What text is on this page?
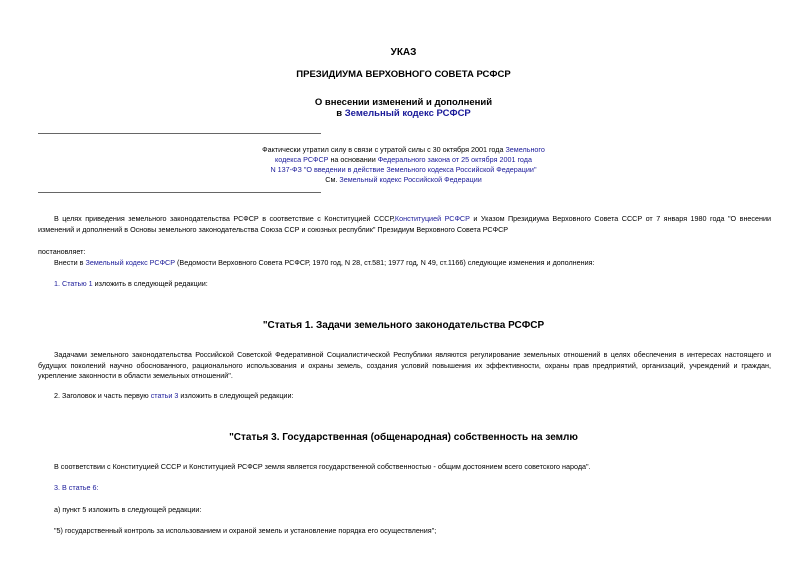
УКАЗ
ПРЕЗИДИУМА ВЕРХОВНОГО СОВЕТА РСФСР
О внесении изменений и дополнений
в Земельный кодекс РСФСР
Фактически утратил силу в связи с утратой силы с 30 октября 2001 года Земельного
кодекса РСФСР на основании Федерального закона от 25 октября 2001 года
N 137-ФЗ "О введении в действие Земельного кодекса Российской Федерации"
См. Земельный кодекс Российской Федерации
В целях приведения земельного законодательства РСФСР в соответствие с Конституцией СССР,Конституцией РСФСР и Указом Президиума Верховного Совета СССР от 7 января 1980 года "О внесении изменений и дополнений в Основы земельного законодательства Союза ССР и союзных республик" Президиум Верховного Совета РСФСР
постановляет:
Внести в Земельный кодекс РСФСР (Ведомости Верховного Совета РСФСР, 1970 год, N 28, ст.581; 1977 год, N 49, ст.1166) следующие изменения и дополнения:
1. Статью 1 изложить в следующей редакции:
"Статья 1. Задачи земельного законодательства РСФСР
Задачами земельного законодательства Российской Советской Федеративной Социалистической Республики являются регулирование земельных отношений в целях обеспечения в интересах настоящего и будущих поколений научно обоснованного, рационального использования и охраны земель, создания условий повышения их эффективности, охраны прав предприятий, организаций, учреждений и граждан, укрепление законности в области земельных отношений".
2. Заголовок и часть первую статьи 3 изложить в следующей редакции:
"Статья 3. Государственная (общенародная) собственность на землю
В соответствии с Конституцией СССР и Конституцией РСФСР земля является государственной собственностью - общим достоянием всего советского народа".
3. В статье 6:
а) пункт 5 изложить в следующей редакции:
"5) государственный контроль за использованием и охраной земель и установление порядка его осуществления";
